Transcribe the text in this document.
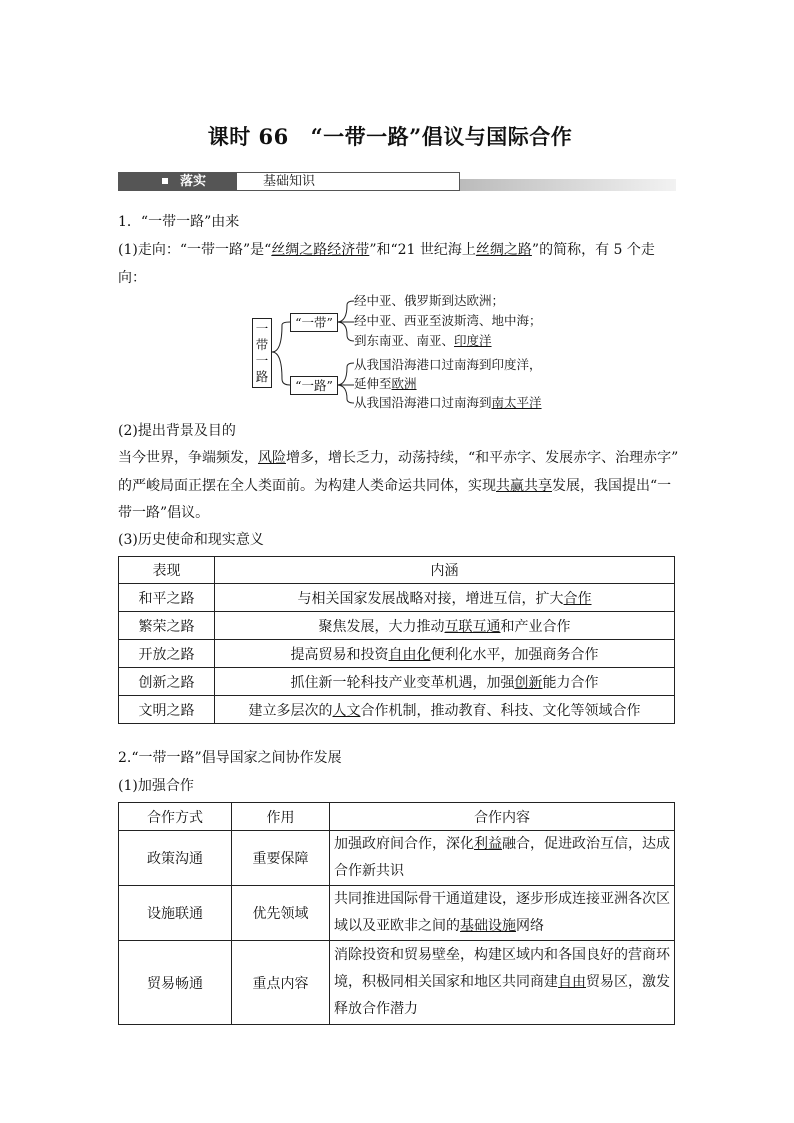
课时 66 “一带一路”倡议与国际合作
落实	基础知识
1．“一带一路”由来
(1)走向：“一带一路”是“丝绸之路经济带”和“21 世纪海上丝绸之路”的简称，有 5 个走
向：
一
带
一
路
“一带”
“一路”
经中亚、俄罗斯到达欧洲；
经中亚、西亚至波斯湾、地中海；
到东南亚、南亚、印度洋
从我国沿海港口过南海到印度洋，
延伸至欧洲
从我国沿海港口过南海到南太平洋
(2)提出背景及目的
当今世界，争端频发，风险增多，增长乏力，动荡持续，“和平赤字、发展赤字、治理赤字”
的严峻局面正摆在全人类面前。为构建人类命运共同体，实现共赢共享发展，我国提出“一
带一路”倡议。
(3)历史使命和现实意义
表现	内涵
和平之路	与相关国家发展战略对接，增进互信，扩大合作
繁荣之路	聚焦发展，大力推动互联互通和产业合作
开放之路	提高贸易和投资自由化便利化水平，加强商务合作
创新之路	抓住新一轮科技产业变革机遇，加强创新能力合作
文明之路	建立多层次的人文合作机制，推动教育、科技、文化等领域合作
2.“一带一路”倡导国家之间协作发展
(1)加强合作
合作方式	作用	合作内容
政策沟通	重要保障	加强政府间合作，深化利益融合，促进政治互信，达成
合作新共识

设施联通	优先领域	共同推进国际骨干通道建设，逐步形成连接亚洲各次区
域以及亚欧非之间的基础设施网络

贸易畅通	重点内容	消除投资和贸易壁垒，构建区域内和各国良好的营商环
境，积极同相关国家和地区共同商建自由贸易区，激发
释放合作潜力
